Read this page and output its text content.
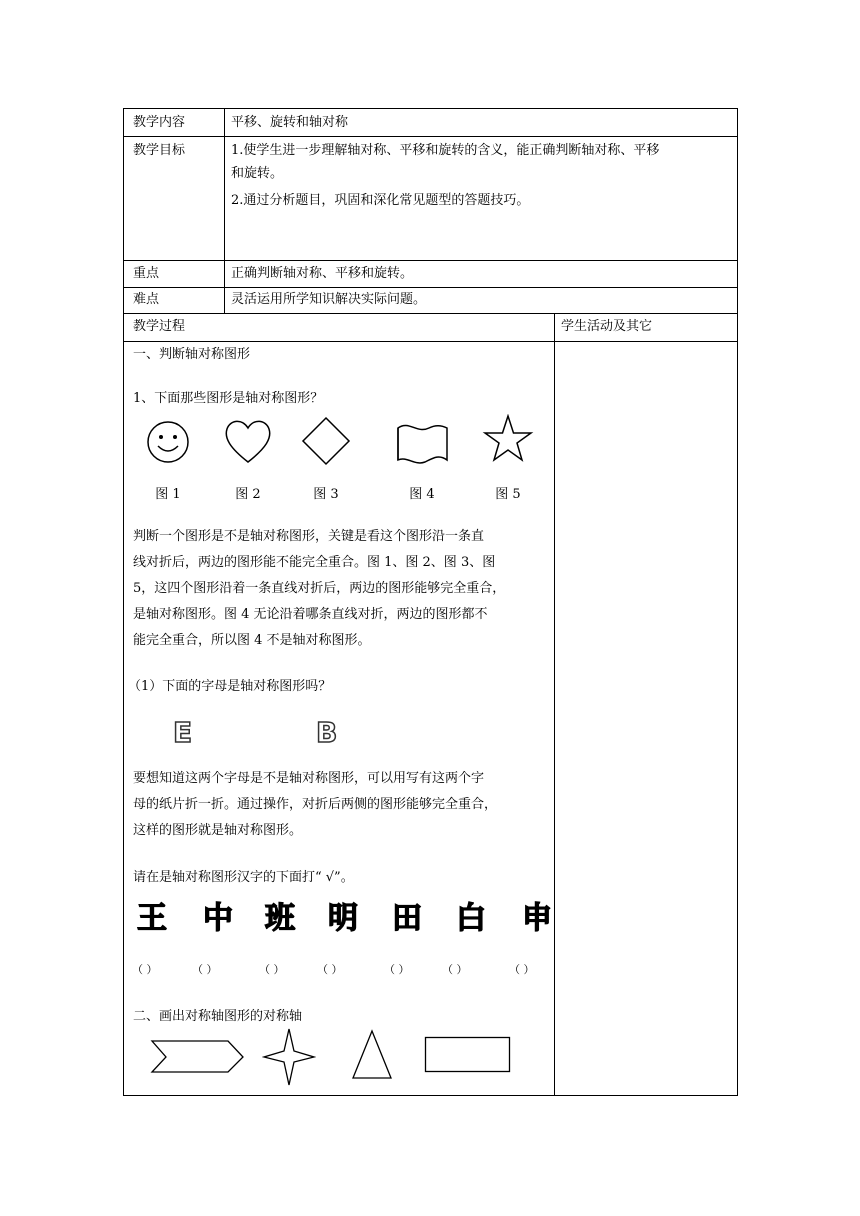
教学内容	平移、旋转和轴对称
教学目标	1.使学生进一步理解轴对称、平移和旋转的含义，能正确判断轴对称、平移
和旋转。
2.通过分析题目，巩固和深化常见题型的答题技巧。
重点	正确判断轴对称、平移和旋转。
难点	灵活运用所学知识解决实际问题。
教学过程	学生活动及其它
一、判断轴对称图形
1、下面那些图形是轴对称图形？
图 1	图 2	图 3	图 4	图 5
判断一个图形是不是轴对称图形，关键是看这个图形沿一条直
线对折后，两边的图形能不能完全重合。图 1、图 2、图 3、图
5，这四个图形沿着一条直线对折后，两边的图形能够完全重合，
是轴对称图形。图 4 无论沿着哪条直线对折，两边的图形都不
能完全重合，所以图 4 不是轴对称图形。
（1）下面的字母是轴对称图形吗？
E	B
要想知道这两个字母是不是轴对称图形，可以用写有这两个字
母的纸片折一折。通过操作，对折后两侧的图形能够完全重合，
这样的图形就是轴对称图形。
请在是轴对称图形汉字的下面打“ √”。
王 中 班 明 田 白 申
（ ）	（ ）	（ ）	（ ）	（ ）	（ ）	（ ）
二、画出对称轴图形的对称轴
